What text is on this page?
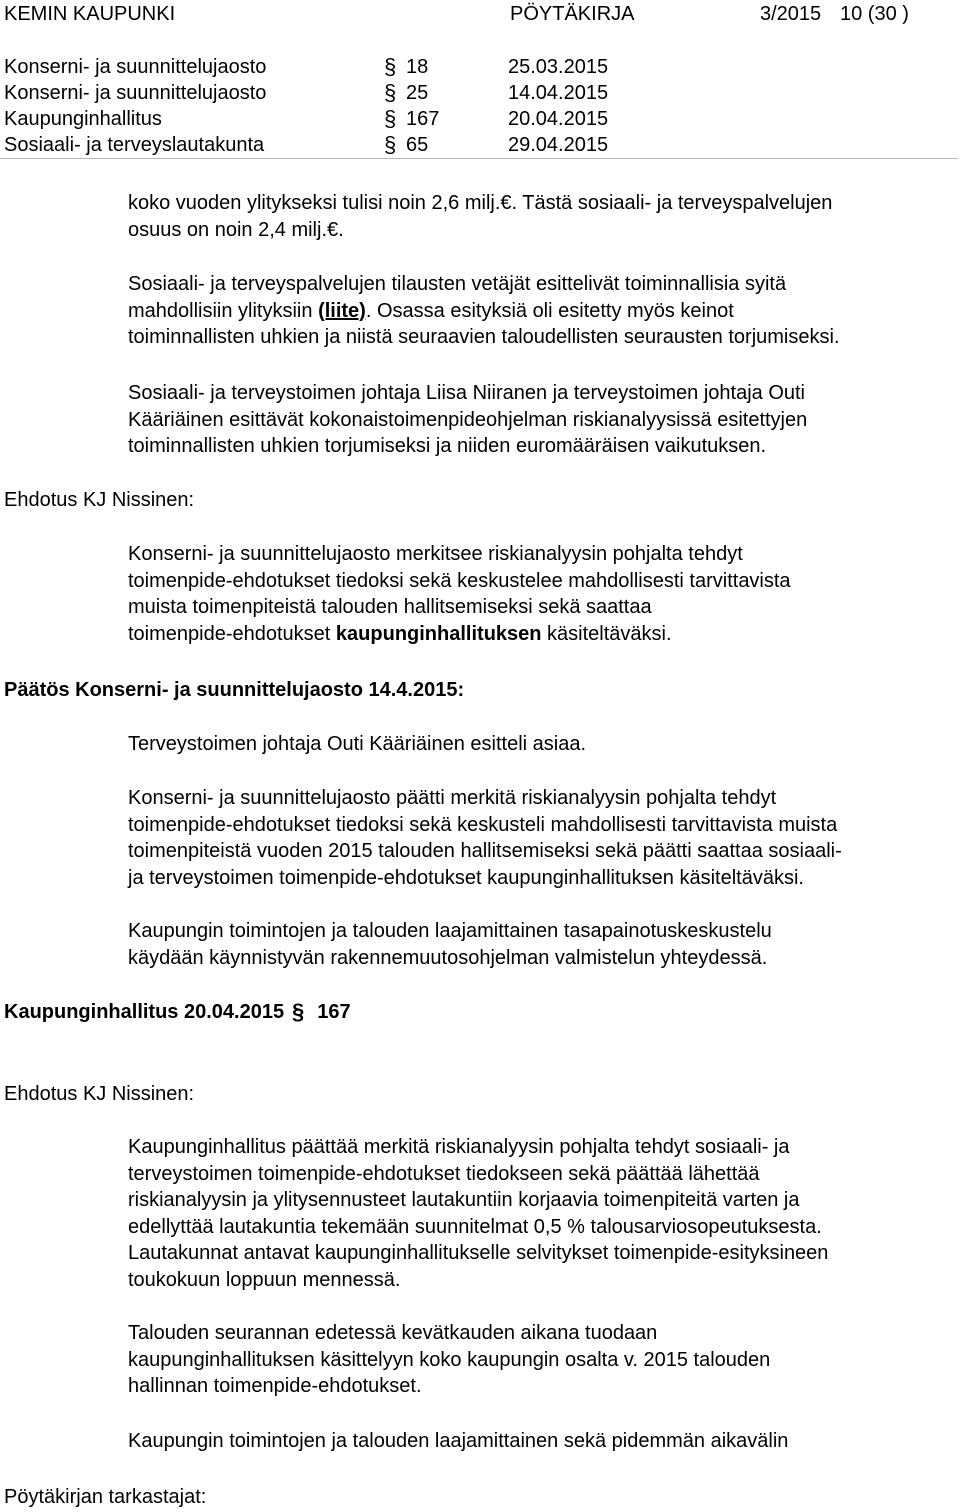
KEMIN KAUPUNKI	PÖYTÄKIRJA	3/2015 10 (30 )
Konserni- ja suunnittelujaosto	§ 18	25.03.2015
Konserni- ja suunnittelujaosto	§ 25	14.04.2015
Kaupunginhallitus	§ 167	20.04.2015
Sosiaali- ja terveyslautakunta	§ 65	29.04.2015
koko vuoden ylitykseksi tulisi noin 2,6 milj.€. Tästä sosiaali- ja terveyspalvelujen
osuus on noin 2,4 milj.€.
Sosiaali- ja terveyspalvelujen tilausten vetäjät esittelivät toiminnallisia syitä
mahdollisiin ylityksiin (liite). Osassa esityksiä oli esitetty myös keinot
toiminnallisten uhkien ja niistä seuraavien taloudellisten seurausten torjumiseksi.
Sosiaali- ja terveystoimen johtaja Liisa Niiranen ja terveystoimen johtaja Outi
Kääriäinen esittävät kokonaistoimenpideohjelman riskianalyysissä esitettyjen
toiminnallisten uhkien torjumiseksi ja niiden euromääräisen vaikutuksen.
Ehdotus KJ Nissinen:
Konserni- ja suunnittelujaosto merkitsee riskianalyysin pohjalta tehdyt
toimenpide-ehdotukset tiedoksi sekä keskustelee mahdollisesti tarvittavista
muista toimenpiteistä talouden hallitsemiseksi sekä saattaa
toimenpide-ehdotukset kaupunginhallituksen käsiteltäväksi.
Päätös Konserni- ja suunnittelujaosto 14.4.2015:
Terveystoimen johtaja Outi Kääriäinen esitteli asiaa.
Konserni- ja suunnittelujaosto päätti merkitä riskianalyysin pohjalta tehdyt
toimenpide-ehdotukset tiedoksi sekä keskusteli mahdollisesti tarvittavista muista
toimenpiteistä vuoden 2015 talouden hallitsemiseksi sekä päätti saattaa sosiaali-
ja terveystoimen toimenpide-ehdotukset kaupunginhallituksen käsiteltäväksi.
Kaupungin toimintojen ja talouden laajamittainen tasapainotuskeskustelu
käydään käynnistyvän rakennemuutosohjelman valmistelun yhteydessä.
Kaupunginhallitus 20.04.2015 § 167
Ehdotus KJ Nissinen:
Kaupunginhallitus päättää merkitä riskianalyysin pohjalta tehdyt sosiaali- ja
terveystoimen toimenpide-ehdotukset tiedokseen sekä päättää lähettää
riskianalyysin ja ylitysennusteet lautakuntiin korjaavia toimenpiteitä varten ja
edellyttää lautakuntia tekemään suunnitelmat 0,5 % talousarviosopeutuksesta.
Lautakunnat antavat kaupunginhallitukselle selvitykset toimenpide-esityksineen
toukokuun loppuun mennessä.
Talouden seurannan edetessä kevätkauden aikana tuodaan
kaupunginhallituksen käsittelyyn koko kaupungin osalta v. 2015 talouden
hallinnan toimenpide-ehdotukset.
Kaupungin toimintojen ja talouden laajamittainen sekä pidemmän aikavälin
Pöytäkirjan tarkastajat:
